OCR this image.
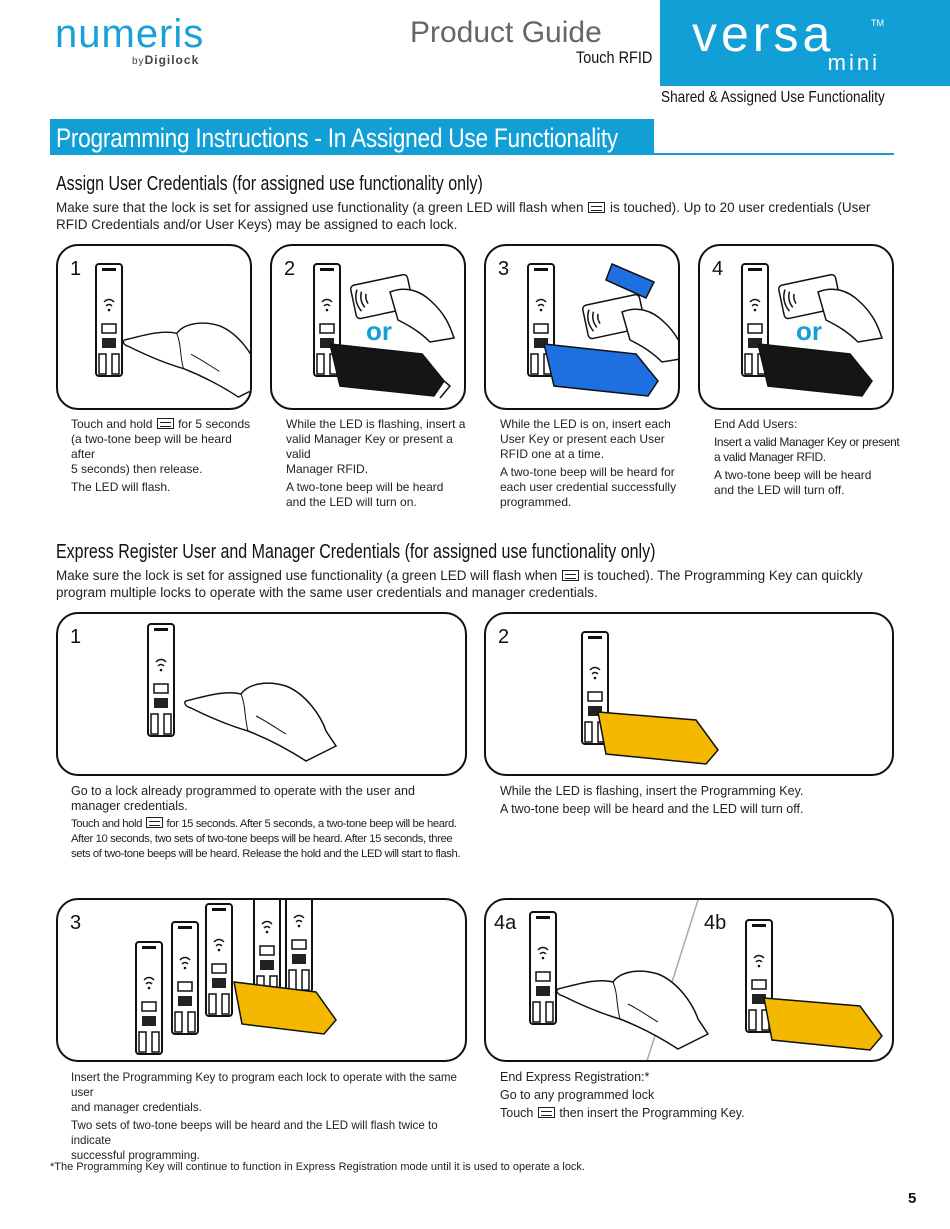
numeris
byDigilock
Product Guide
Touch RFID versa	TM
mini
Shared & Assigned Use Functionality
Programming Instructions - In Assigned Use Functionality
Assign User Credentials (for assigned use functionality only)
Make sure that the lock is set for assigned use functionality (a green LED will flash when is touched). Up to 20 user credentials (User
RFID Credentials and/or User Keys) may be assigned to each lock.
1	2
or
3	4
or

Touch and hold for 5 seconds
(a two-tone beep will be heard after
5 seconds) then release.

The LED will flash.

While the LED is flashing, insert a
valid Manager Key or present a valid
Manager RFID.

A two-tone beep will be heard
and the LED will turn on.

While the LED is on, insert each
User Key or present each User
RFID one at a time.

A two-tone beep will be heard for
each user credential successfully
programmed.

End Add Users:

Insert a valid Manager Key or present
a valid Manager RFID.

A two-tone beep will be heard
and the LED will turn off.

Express Register User and Manager Credentials (for assigned use functionality only)
Make sure the lock is set for assigned use functionality (a green LED will flash when is touched). The Programming Key can quickly
program multiple locks to operate with the same user credentials and manager credentials.
1	2

Go to a lock already programmed to operate with the user and
manager credentials.

Touch and hold for 15 seconds. After 5 seconds, a two-tone beep will be heard.
After 10 seconds, two sets of two-tone beeps will be heard. After 15 seconds, three
sets of two-tone beeps will be heard. Release the hold and the LED will start to flash.

While the LED is flashing, insert the Programming Key.

A two-tone beep will be heard and the LED will turn off.

3	4a	4b

Insert the Programming Key to program each lock to operate with the same user
and manager credentials.

Two sets of two-tone beeps will be heard and the LED will flash twice to indicate
successful programming.

End Express Registration:*

Go to any programmed lock

Touch then insert the Programming Key.

*The Programming Key will continue to function in Express Registration mode until it is used to operate a lock.
5
